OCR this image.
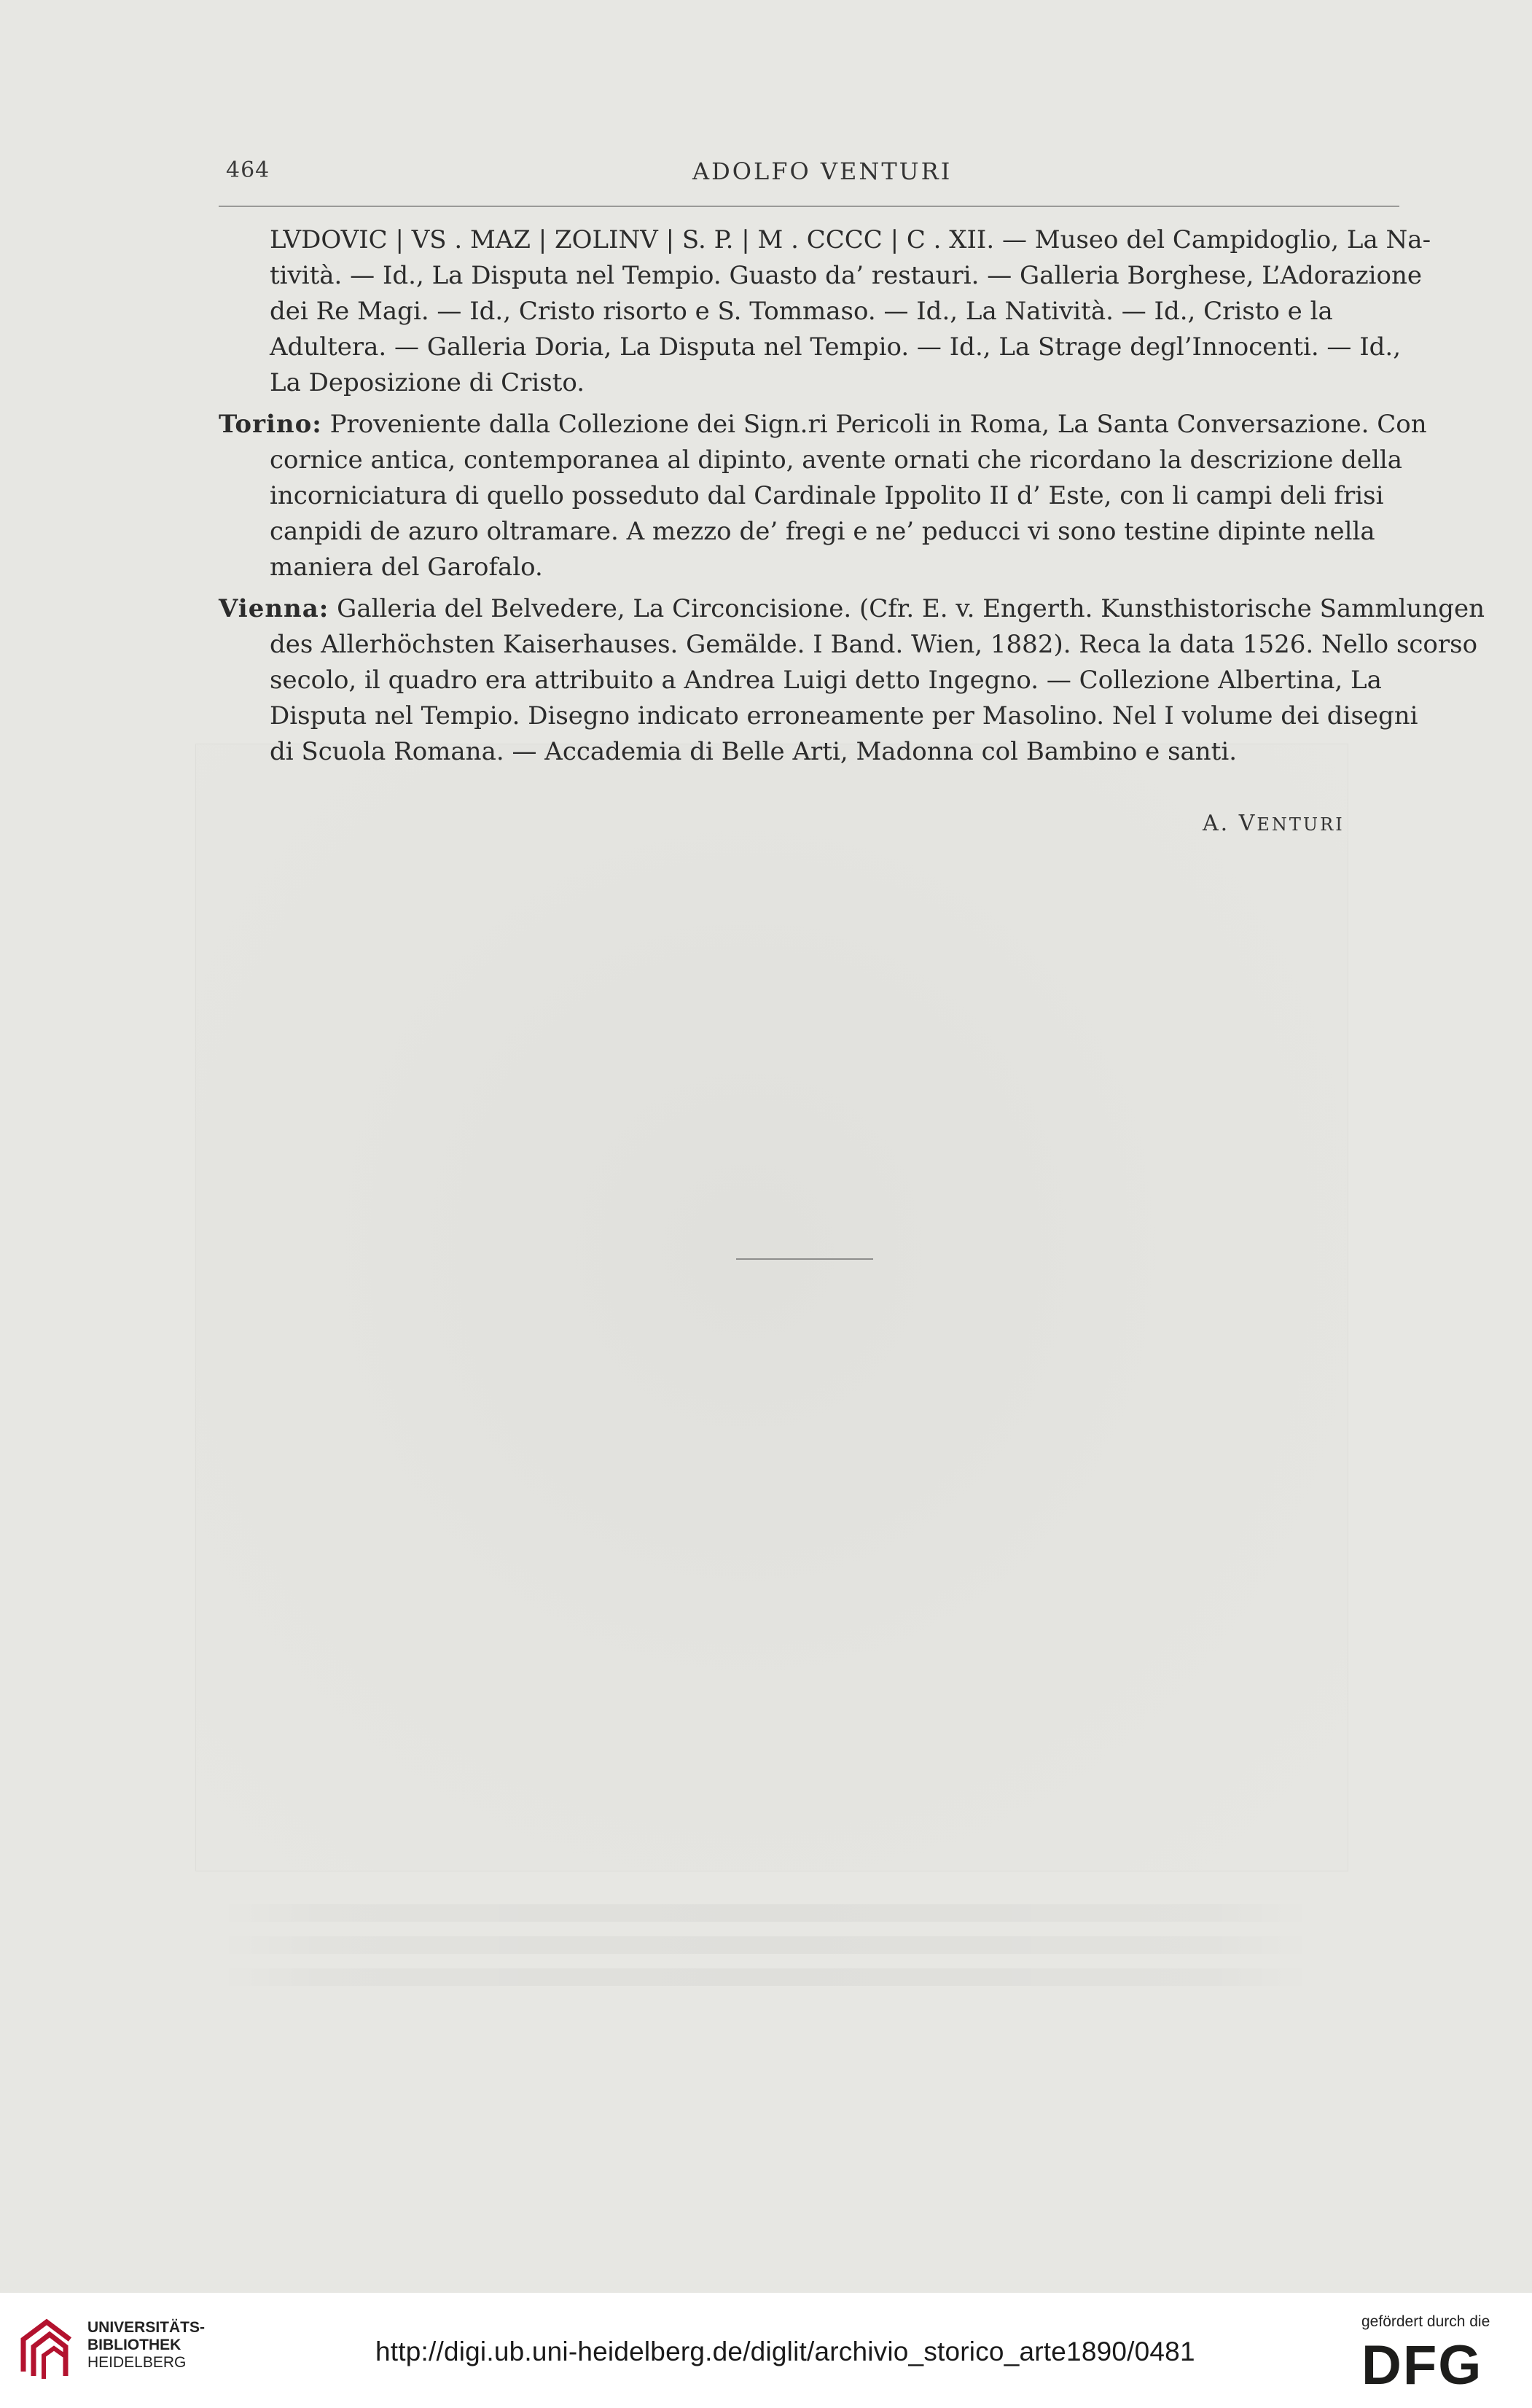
464	ADOLFO VENTURI
LVDOVIC | VS . MAZ | ZOLINV | S. P. | M . CCCC | C . XII. — Museo del Campidoglio, La Na-
tività. — Id., La Disputa nel Tempio. Guasto da’ restauri. — Galleria Borghese, L’Adorazione
dei Re Magi. — Id., Cristo risorto e S. Tommaso. — Id., La Natività. — Id., Cristo e la
Adultera. — Galleria Doria, La Disputa nel Tempio. — Id., La Strage degl’Innocenti. — Id.,
La Deposizione di Cristo.
Torino: Proveniente dalla Collezione dei Sign.ri Pericoli in Roma, La Santa Conversazione. Con
cornice antica, contemporanea al dipinto, avente ornati che ricordano la descrizione della
incorniciatura di quello posseduto dal Cardinale Ippolito II d’ Este, con li campi deli frisi
canpidi de azuro oltramare. A mezzo de’ fregi e ne’ peducci vi sono testine dipinte nella
maniera del Garofalo.
Vienna: Galleria del Belvedere, La Circoncisione. (Cfr. E. v. Engerth. Kunsthistorische Sammlungen
des Allerhöchsten Kaiserhauses. Gemälde. I Band. Wien, 1882). Reca la data 1526. Nello scorso
secolo, il quadro era attribuito a Andrea Luigi detto Ingegno. — Collezione Albertina, La
Disputa nel Tempio. Disegno indicato erroneamente per Masolino. Nel I volume dei disegni
di Scuola Romana. — Accademia di Belle Arti, Madonna col Bambino e santi.
A. VENTURI
UNIVERSITÄTS-
BIBLIOTHEK
HEIDELBERG	http://digi.ub.uni-heidelberg.de/diglit/archivio_storico_arte1890/0481
gefördert durch die
DFG
